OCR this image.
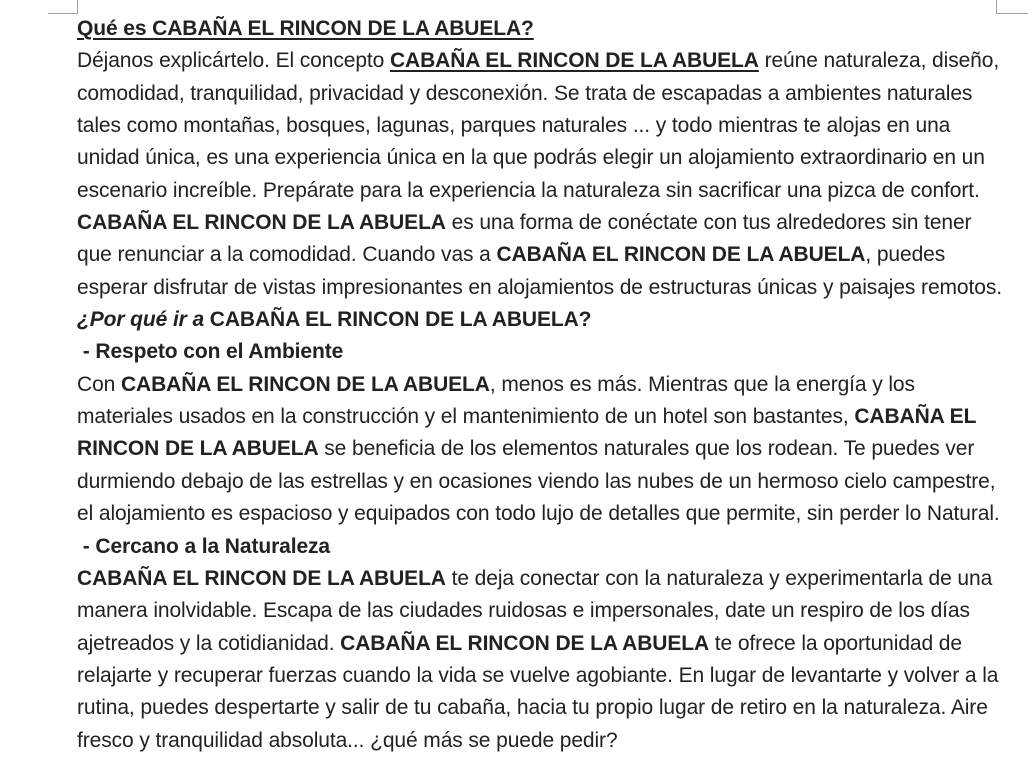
Qué es CABAÑA EL RINCON DE LA ABUELA?

Déjanos explicártelo. El concepto CABAÑA EL RINCON DE LA ABUELA reúne naturaleza, diseño, comodidad, tranquilidad, privacidad y desconexión. Se trata de escapadas a ambientes naturales tales como montañas, bosques, lagunas, parques naturales ... y todo mientras te alojas en una unidad única, es una experiencia única en la que podrás elegir un alojamiento extraordinario en un escenario increíble. Prepárate para la experiencia la naturaleza sin sacrificar una pizca de confort. CABAÑA EL RINCON DE LA ABUELA es una forma de conéctate con tus alrededores sin tener que renunciar a la comodidad. Cuando vas a CABAÑA EL RINCON DE LA ABUELA, puedes esperar disfrutar de vistas impresionantes en alojamientos de estructuras únicas y paisajes remotos.

¿Por qué ir a CABAÑA EL RINCON DE LA ABUELA?

- Respeto con el Ambiente

Con CABAÑA EL RINCON DE LA ABUELA, menos es más. Mientras que la energía y los materiales usados en la construcción y el mantenimiento de un hotel son bastantes, CABAÑA EL RINCON DE LA ABUELA se beneficia de los elementos naturales que los rodean. Te puedes ver durmiendo debajo de las estrellas y en ocasiones viendo las nubes de un hermoso cielo campestre, el alojamiento es espacioso y equipados con todo lujo de detalles que permite, sin perder lo Natural.

- Cercano a la Naturaleza

CABAÑA EL RINCON DE LA ABUELA te deja conectar con la naturaleza y experimentarla de una manera inolvidable. Escapa de las ciudades ruidosas e impersonales, date un respiro de los días ajetreados y la cotidianidad. CABAÑA EL RINCON DE LA ABUELA te ofrece la oportunidad de relajarte y recuperar fuerzas cuando la vida se vuelve agobiante. En lugar de levantarte y volver a la rutina, puedes despertarte y salir de tu cabaña, hacia tu propio lugar de retiro en la naturaleza. Aire fresco y tranquilidad absoluta... ¿qué más se puede pedir?
